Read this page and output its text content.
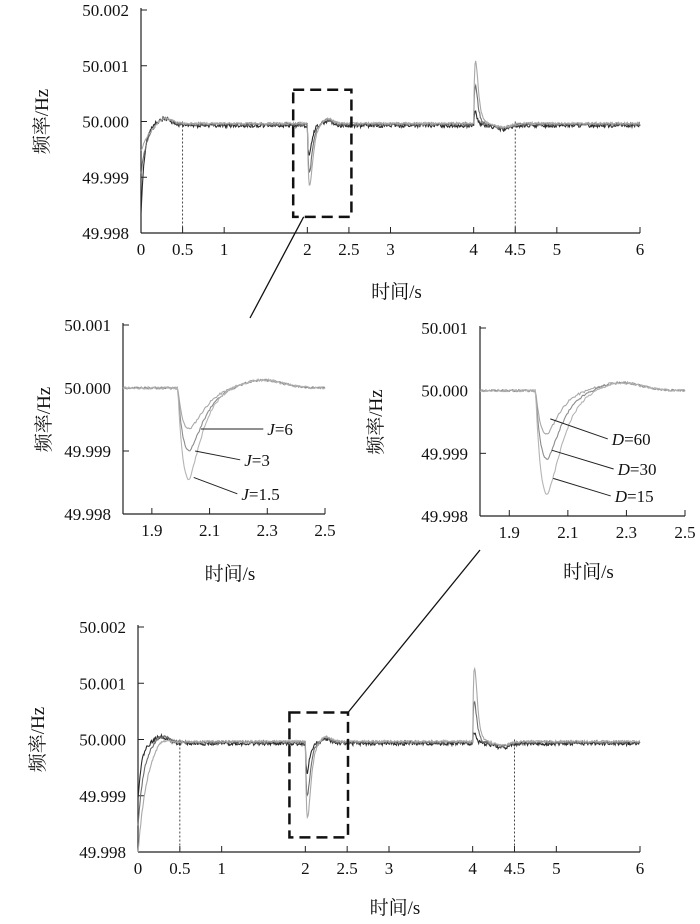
49.998
49.999
50.000
50.001
50.002
0 0.5 1	2 2.5 3	4 4.5 5	6
时间/s
频率/Hz
49.998
49.999
50.000
50.001
1.9 2.1 2.3 2.5
J=6
J=3
J=1.5
时间/s
频率/Hz
49.998
49.999
50.000
50.001
1.9 2.1 2.3 2.5
D=60
D=30
D=15
时间/s
频率/Hz
49.998
49.999
50.000
50.001
50.002
0 0.5 1	2 2.5 3	4 4.5 5	6
时间/s
频率/Hz
